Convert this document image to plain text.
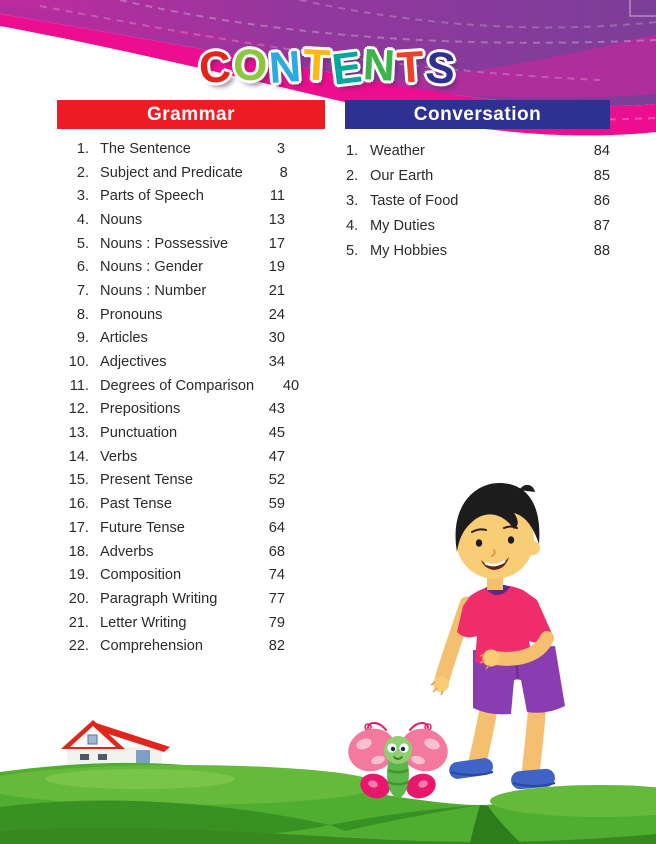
CONTENTS
Grammar	Conversation
1. The Sentence	3
2. Subject and Predicate	8
3. Parts of Speech	11
4. Nouns	13
5. Nouns : Possessive	17
6. Nouns : Gender	19
7. Nouns : Number	21
8. Pronouns	24
9. Articles	30
10. Adjectives	34
11. Degrees of Comparison	40
12. Prepositions	43
13. Punctuation	45
14. Verbs	47
15. Present Tense	52
16. Past Tense	59
17. Future Tense	64
18. Adverbs	68
19. Composition	74
20. Paragraph Writing	77
21. Letter Writing	79
22. Comprehension	82
1. Weather	84
2. Our Earth	85
3. Taste of Food	86
4. My Duties	87
5. My Hobbies	88
